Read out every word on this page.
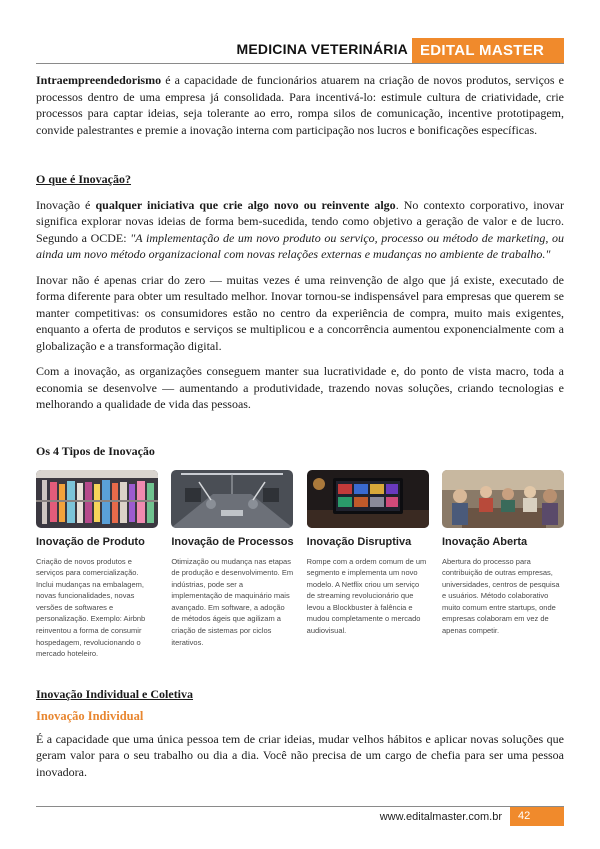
MEDICINA VETERINÁRIA EDITAL MASTER

Intraempreendedorismo é a capacidade de funcionários atuarem na criação de novos produtos, serviços e processos dentro de uma empresa já consolidada. Para incentivá-lo: estimule cultura de criatividade, crie processos para captar ideias, seja tolerante ao erro, rompa silos de comunicação, incentive prototipagem, convide palestrantes e premie a inovação interna com participação nos lucros e bonificações específicas.

O que é Inovação?

Inovação é qualquer iniciativa que crie algo novo ou reinvente algo. No contexto corporativo, inovar significa explorar novas ideias de forma bem-sucedida, tendo como objetivo a geração de valor e de lucro. Segundo a OCDE: "A implementação de um novo produto ou serviço, processo ou método de marketing, ou ainda um novo método organizacional com novas relações externas e mudanças no ambiente de trabalho."

Inovar não é apenas criar do zero — muitas vezes é uma reinvenção de algo que já existe, executado de forma diferente para obter um resultado melhor. Inovar tornou-se indispensável para empresas que querem se manter competitivas: os consumidores estão no centro da experiência de compra, muito mais exigentes, enquanto a oferta de produtos e serviços se multiplicou e a concorrência aumentou exponencialmente com a globalização e a transformação digital.

Com a inovação, as organizações conseguem manter sua lucratividade e, do ponto de vista macro, toda a economia se desenvolve — aumentando a produtividade, trazendo novas soluções, criando tecnologias e melhorando a qualidade de vida das pessoas.

Os 4 Tipos de Inovação

Inovação de Produto
Criação de novos produtos e serviços para comercialização. Inclui mudanças na embalagem, novas funcionalidades, novas versões de softwares e personalização. Exemplo: Airbnb reinventou a forma de consumir hospedagem, revolucionando o mercado hoteleiro.
Inovação de Processos
Otimização ou mudança nas etapas de produção e desenvolvimento. Em indústrias, pode ser a implementação de maquinário mais avançado. Em software, a adoção de métodos ágeis que agilizam a criação de sistemas por ciclos iterativos.
Inovação Disruptiva
Rompe com a ordem comum de um segmento e implementa um novo modelo. A Netflix criou um serviço de streaming revolucionário que levou a Blockbuster à falência e mudou completamente o mercado audiovisual.
Inovação Aberta
Abertura do processo para contribuição de outras empresas, universidades, centros de pesquisa e usuários. Método colaborativo muito comum entre startups, onde empresas colaboram em vez de apenas competir.

Inovação Individual e Coletiva

Inovação Individual

É a capacidade que uma única pessoa tem de criar ideias, mudar velhos hábitos e aplicar novas soluções que geram valor para o seu trabalho ou dia a dia. Você não precisa de um cargo de chefia para ser uma pessoa inovadora.

www.editalmaster.com.br	42
